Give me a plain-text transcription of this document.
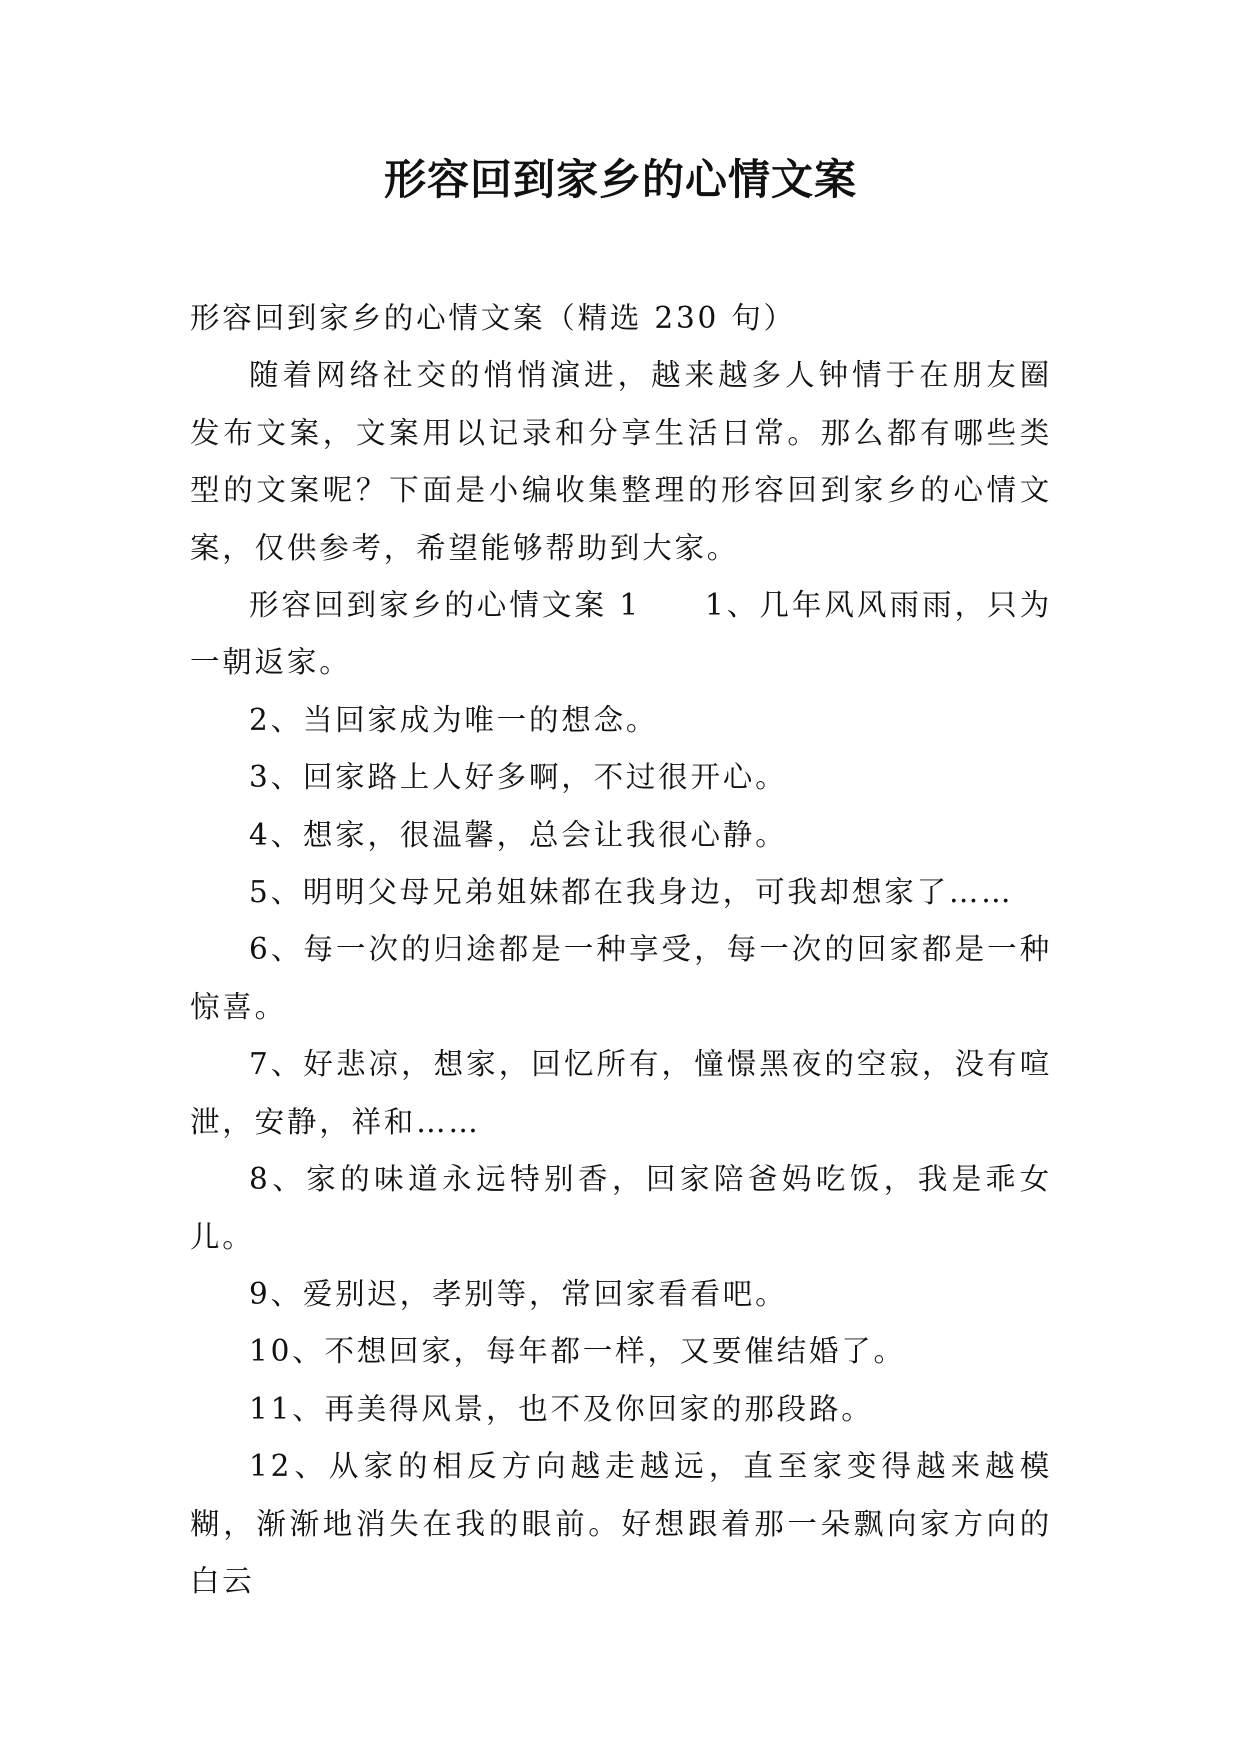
形容回到家乡的心情文案

形容回到家乡的心情文案（精选 230 句）

随着网络社交的悄悄演进，越来越多人钟情于在朋友圈发布文案，文案用以记录和分享生活日常。那么都有哪些类型的文案呢？下面是小编收集整理的形容回到家乡的心情文案，仅供参考，希望能够帮助到大家。

形容回到家乡的心情文案 1 1、几年风风雨雨，只为一朝返家。

2、当回家成为唯一的想念。

3、回家路上人好多啊，不过很开心。

4、想家，很温馨，总会让我很心静。

5、明明父母兄弟姐妹都在我身边，可我却想家了……

6、每一次的归途都是一种享受，每一次的回家都是一种惊喜。

7、好悲凉，想家，回忆所有，憧憬黑夜的空寂，没有喧泄，安静，祥和……

8、家的味道永远特别香，回家陪爸妈吃饭，我是乖女儿。

9、爱别迟，孝别等，常回家看看吧。

10、不想回家，每年都一样，又要催结婚了。

11、再美得风景，也不及你回家的那段路。

12、从家的相反方向越走越远，直至家变得越来越模糊，渐渐地消失在我的眼前。好想跟着那一朵飘向家方向的白云
